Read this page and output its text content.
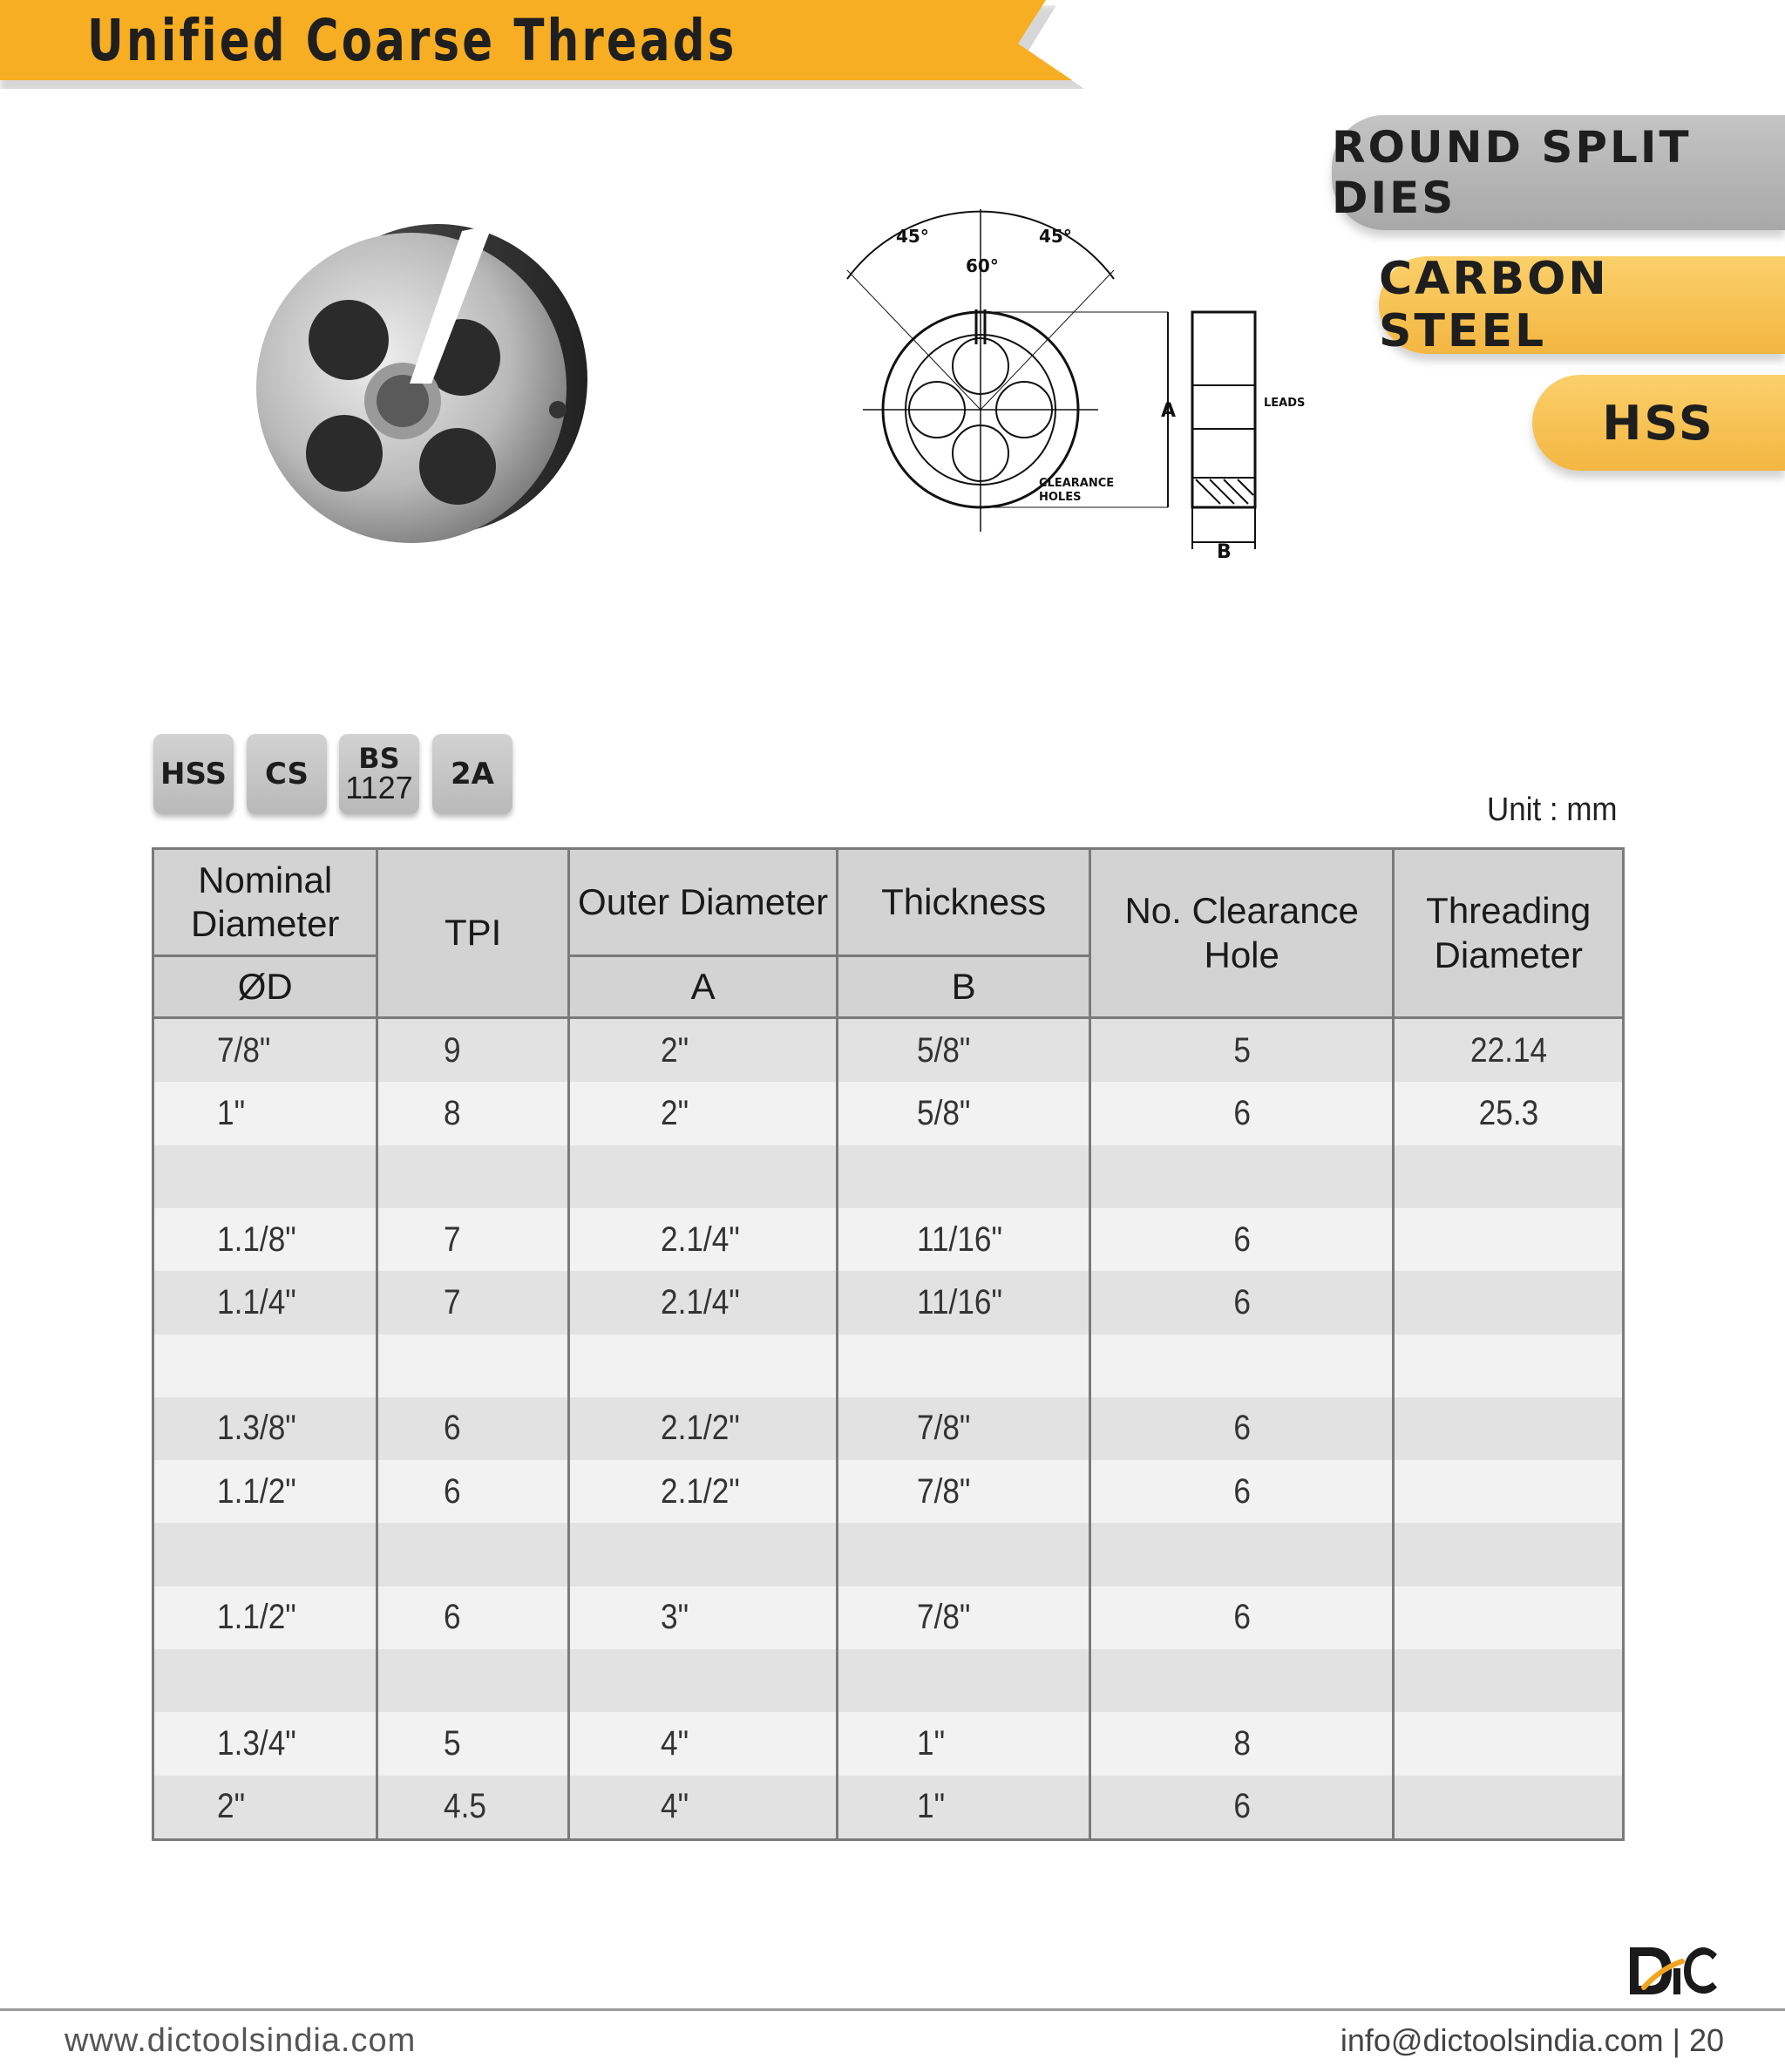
Unified Coarse Threads
ROUND SPLIT DIES
CARBON STEEL
HSS
45°	45°
60°
A
B
LEADS
CLEARANCE
HOLES
HSS CS BS
1127 2A
Unit : mm
Nominal Diameter	TPI	Outer Diameter	Thickness	No. Clearance Hole	Threading Diameter
ØD		A	B		
7/8"	9	2"	5/8"	5	22.14
1"	8	2"	5/8"	6	25.3

1.1/8"	7	2.1/4"	11/16"	6	
1.1/4"	7	2.1/4"	11/16"	6	

1.3/8"	6	2.1/2"	7/8"	6	
1.1/2"	6	2.1/2"	7/8"	6	

1.1/2"	6	3"	7/8"	6	

1.3/4"	5	4"	1"	8	
2"	4.5	4"	1"	6	
www.dictoolsindia.com	info@dictoolsindia.com | 20
